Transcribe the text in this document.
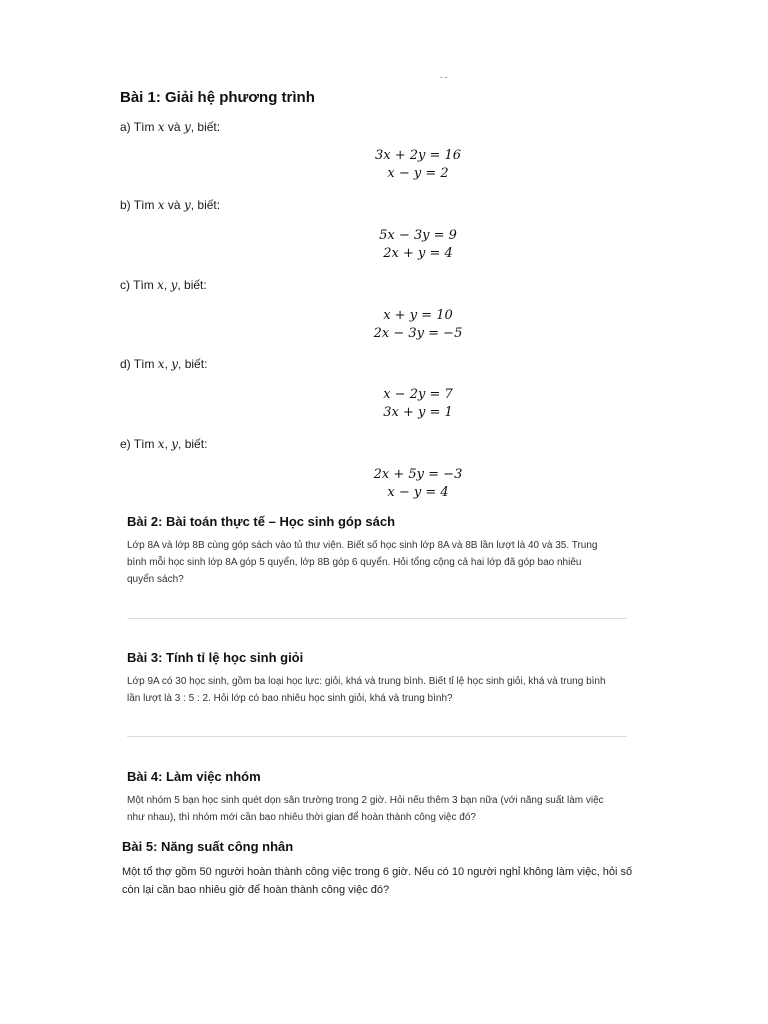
ˇ ˇ
Bài 1: Giải hệ phương trình
a) Tìm x và y, biết:
3x + 2y = 16
x − y = 2
b) Tìm x và y, biết:
5x − 3y = 9
2x + y = 4
c) Tìm x, y, biết:
x + y = 10
2x − 3y = −5
d) Tìm x, y, biết:
x − 2y = 7
3x + y = 1
e) Tìm x, y, biết:
2x + 5y = −3
x − y = 4
Bài 2: Bài toán thực tế – Học sinh góp sách
Lớp 8A và lớp 8B cùng góp sách vào tủ thư viện. Biết số học sinh lớp 8A và 8B lần lượt là 40 và 35. Trung
bình mỗi học sinh lớp 8A góp 5 quyển, lớp 8B góp 6 quyển. Hỏi tổng cộng cả hai lớp đã góp bao nhiêu
quyển sách?
Bài 3: Tính tỉ lệ học sinh giỏi
Lớp 9A có 30 học sinh, gồm ba loại học lực: giỏi, khá và trung bình. Biết tỉ lệ học sinh giỏi, khá và trung bình
lần lượt là 3 : 5 : 2. Hỏi lớp có bao nhiêu học sinh giỏi, khá và trung bình?
Bài 4: Làm việc nhóm
Một nhóm 5 bạn học sinh quét dọn sân trường trong 2 giờ. Hỏi nếu thêm 3 bạn nữa (với năng suất làm việc
như nhau), thì nhóm mới cần bao nhiêu thời gian để hoàn thành công việc đó?
Bài 5: Năng suất công nhân
Một tổ thợ gồm 50 người hoàn thành công việc trong 6 giờ. Nếu có 10 người nghỉ không làm việc, hỏi số
còn lại cần bao nhiêu giờ để hoàn thành công việc đó?
